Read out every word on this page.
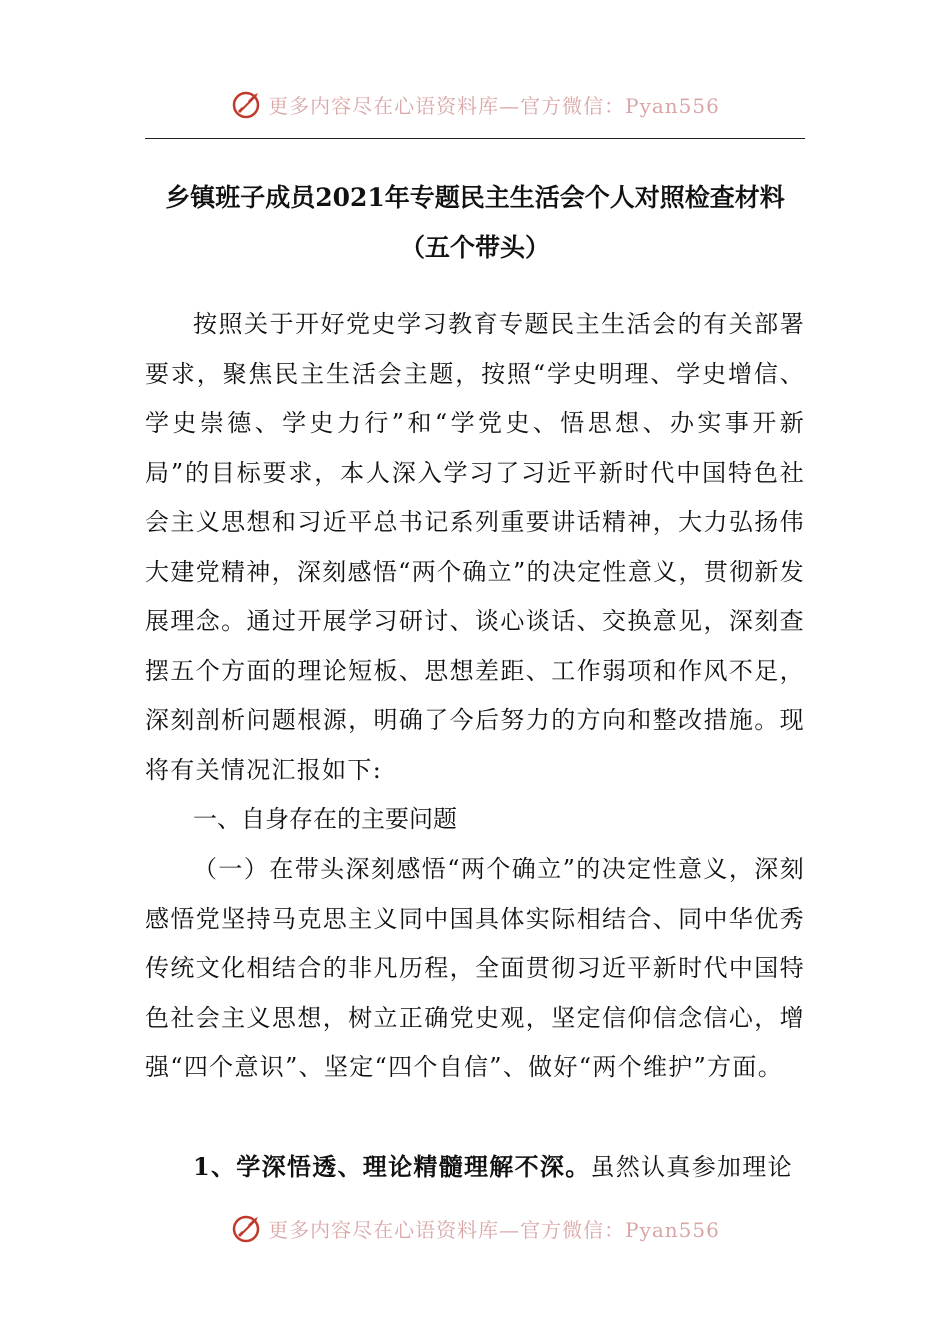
更多内容尽在心语资料库—官方微信：Pyan556
乡镇班子成员2021年专题民主生活会个人对照检查材料
（五个带头）
按照关于开好党史学习教育专题民主生活会的有关部署要求，聚焦民主生活会主题，按照“学史明理、学史增信、学史崇德、学史力行”和“学党史、悟思想、办实事开新局”的目标要求，本人深入学习了习近平新时代中国特色社会主义思想和习近平总书记系列重要讲话精神，大力弘扬伟大建党精神，深刻感悟“两个确立”的决定性意义，贯彻新发展理念。通过开展学习研讨、谈心谈话、交换意见，深刻查摆五个方面的理论短板、思想差距、工作弱项和作风不足，深刻剖析问题根源，明确了今后努力的方向和整改措施。现将有关情况汇报如下:
一、自身存在的主要问题
（一）在带头深刻感悟“两个确立”的决定性意义，深刻感悟党坚持马克思主义同中国具体实际相结合、同中华优秀传统文化相结合的非凡历程，全面贯彻习近平新时代中国特色社会主义思想，树立正确党史观，坚定信仰信念信心，增强“四个意识”、坚定“四个自信”、做好“两个维护”方面。
1、学深悟透、理论精髓理解不深。虽然认真参加理论
更多内容尽在心语资料库—官方微信：Pyan556
